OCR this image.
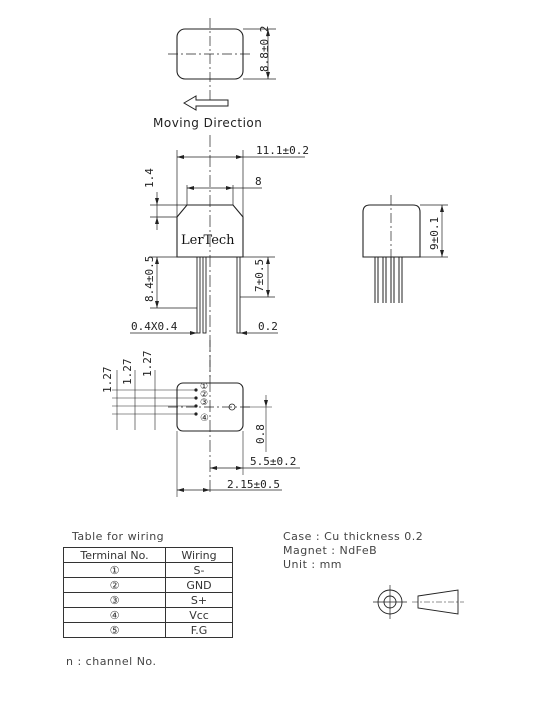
8.8±0.2
Moving Direction
11.1±0.2
8
1.4
LerTech
8.4±0.5	7±0.5
0.4X0.4	0.2
9±0.1
1.27 1.27 1.27
①
②
③
④
0.8
5.5±0.2
2.15±0.5
Table for wiring
Terminal No.	Wiring
①	S-
②	GND
③	S+
④	Vcc
⑤	F.G
n : channel No.
Case : Cu thickness 0.2
Magnet : NdFeB
Unit : mm
